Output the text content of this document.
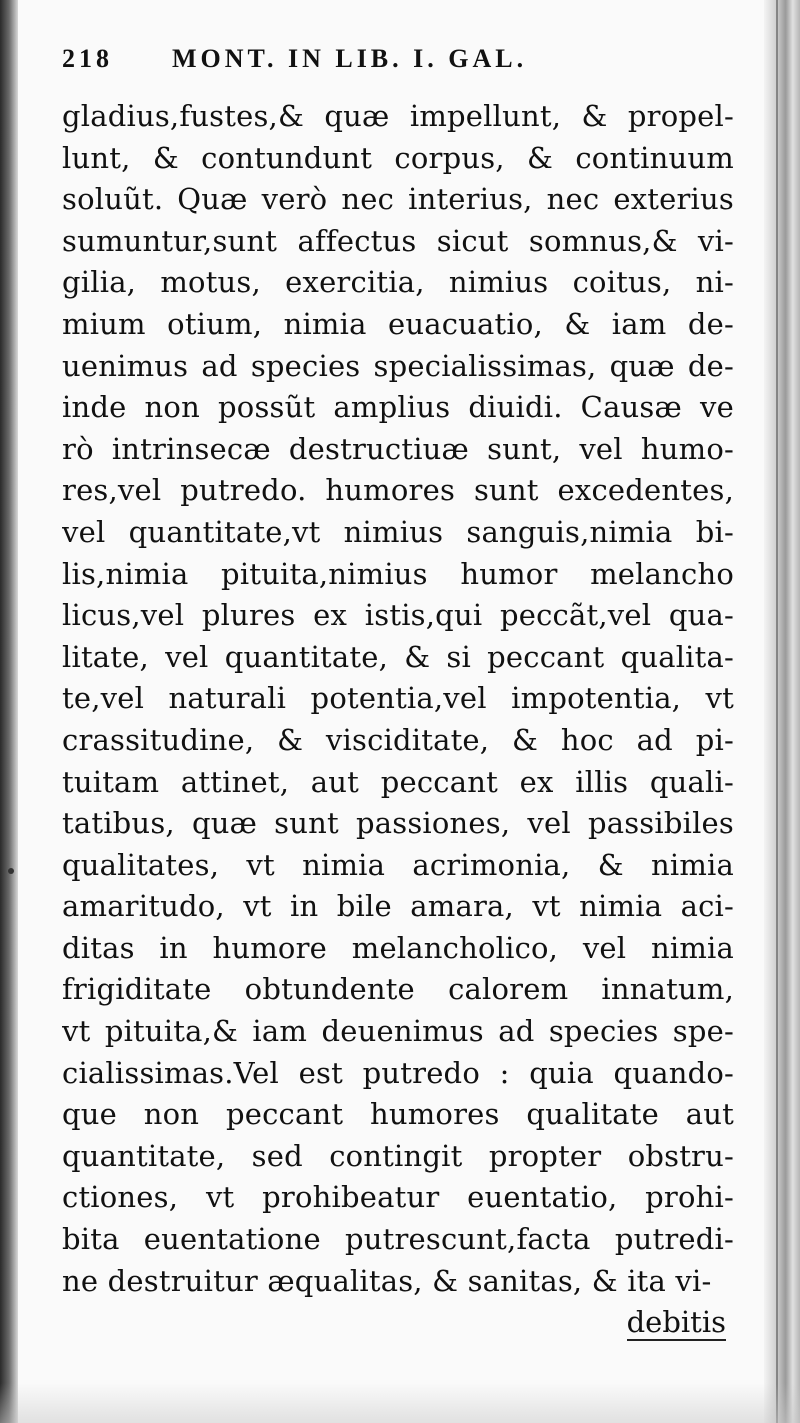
218	MONT. IN LIB. I. GAL.
gladius,fustes,& quæ impellunt, & propel-
lunt, & contundunt corpus, & continuum
soluũt. Quæ verò nec interius, nec exterius
sumuntur,sunt affectus sicut somnus,& vi-
gilia, motus, exercitia, nimius coitus, ni-
mium otium, nimia euacuatio, & iam de-
uenimus ad species specialissimas, quæ de-
inde non possũt amplius diuidi. Causæ ve
rò intrinsecæ destructiuæ sunt, vel humo-
res,vel putredo. humores sunt excedentes,
vel quantitate,vt nimius sanguis,nimia bi-
lis,nimia pituita,nimius humor melancho
licus,vel plures ex istis,qui peccãt,vel qua-
litate, vel quantitate, & si peccant qualita-
te,vel naturali potentia,vel impotentia, vt
crassitudine, & visciditate, & hoc ad pi-
tuitam attinet, aut peccant ex illis quali-
tatibus, quæ sunt passiones, vel passibiles
qualitates, vt nimia acrimonia, & nimia
amaritudo, vt in bile amara, vt nimia aci-
ditas in humore melancholico, vel nimia
frigiditate obtundente calorem innatum,
vt pituita,& iam deuenimus ad species spe-
cialissimas.Vel est putredo : quia quando-
que non peccant humores qualitate aut
quantitate, sed contingit propter obstru-
ctiones, vt prohibeatur euentatio, prohi-
bita euentatione putrescunt,facta putredi-
ne destruitur æqualitas, & sanitas, & ita vi-
debitis
